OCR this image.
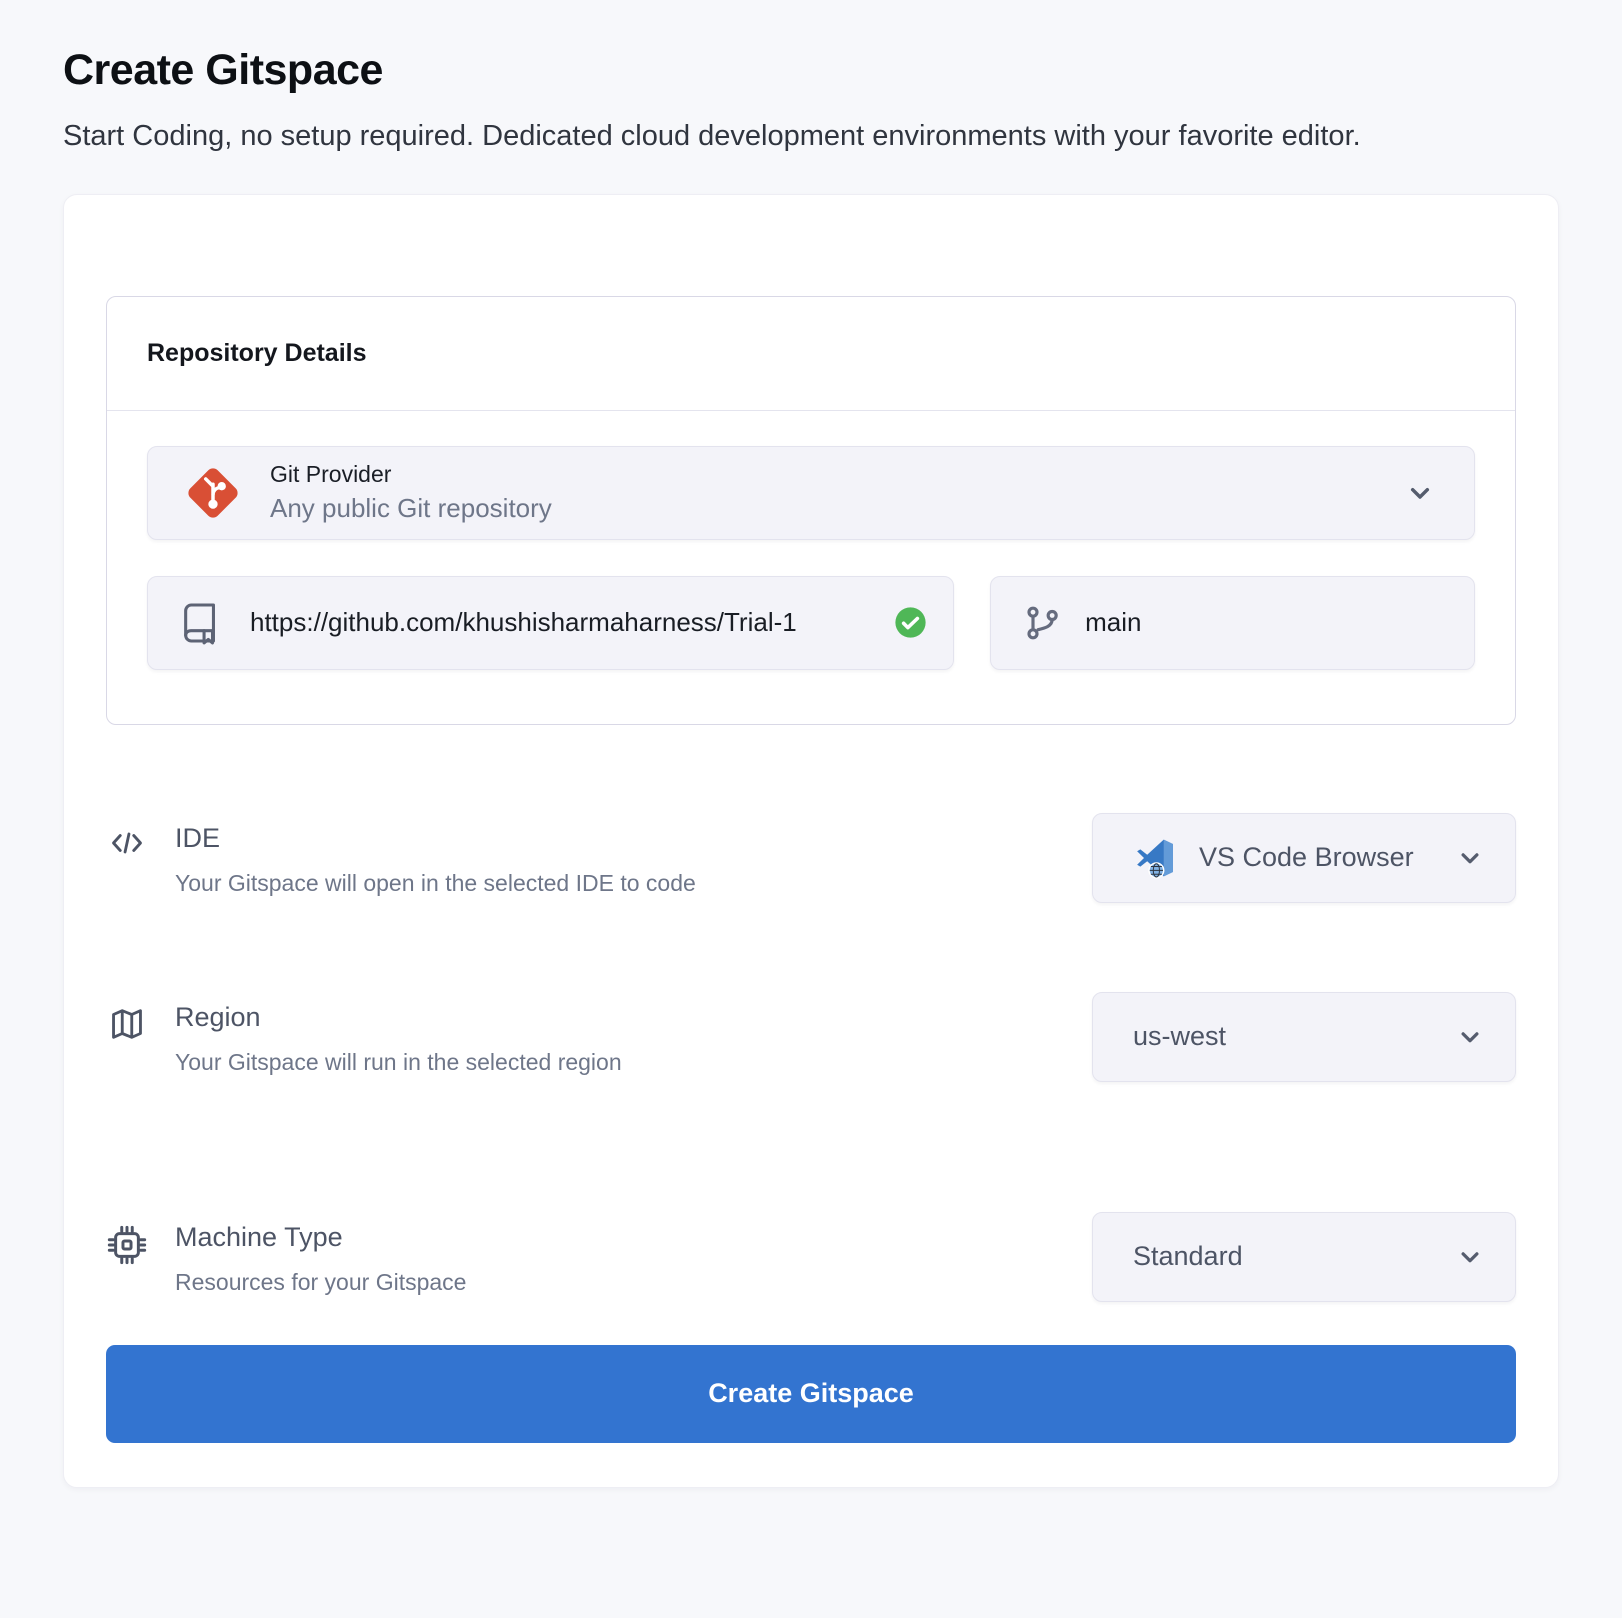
Create Gitspace

Start Coding, no setup required. Dedicated cloud development environments with your favorite editor.

Repository Details
Git Provider
Any public Git repository
https://github.com/khushisharmaharness/Trial-1
main
IDE
Your Gitspace will open in the selected IDE to code
VS Code Browser
Region
Your Gitspace will run in the selected region
us-west
Machine Type
Resources for your Gitspace
Standard
Create Gitspace
